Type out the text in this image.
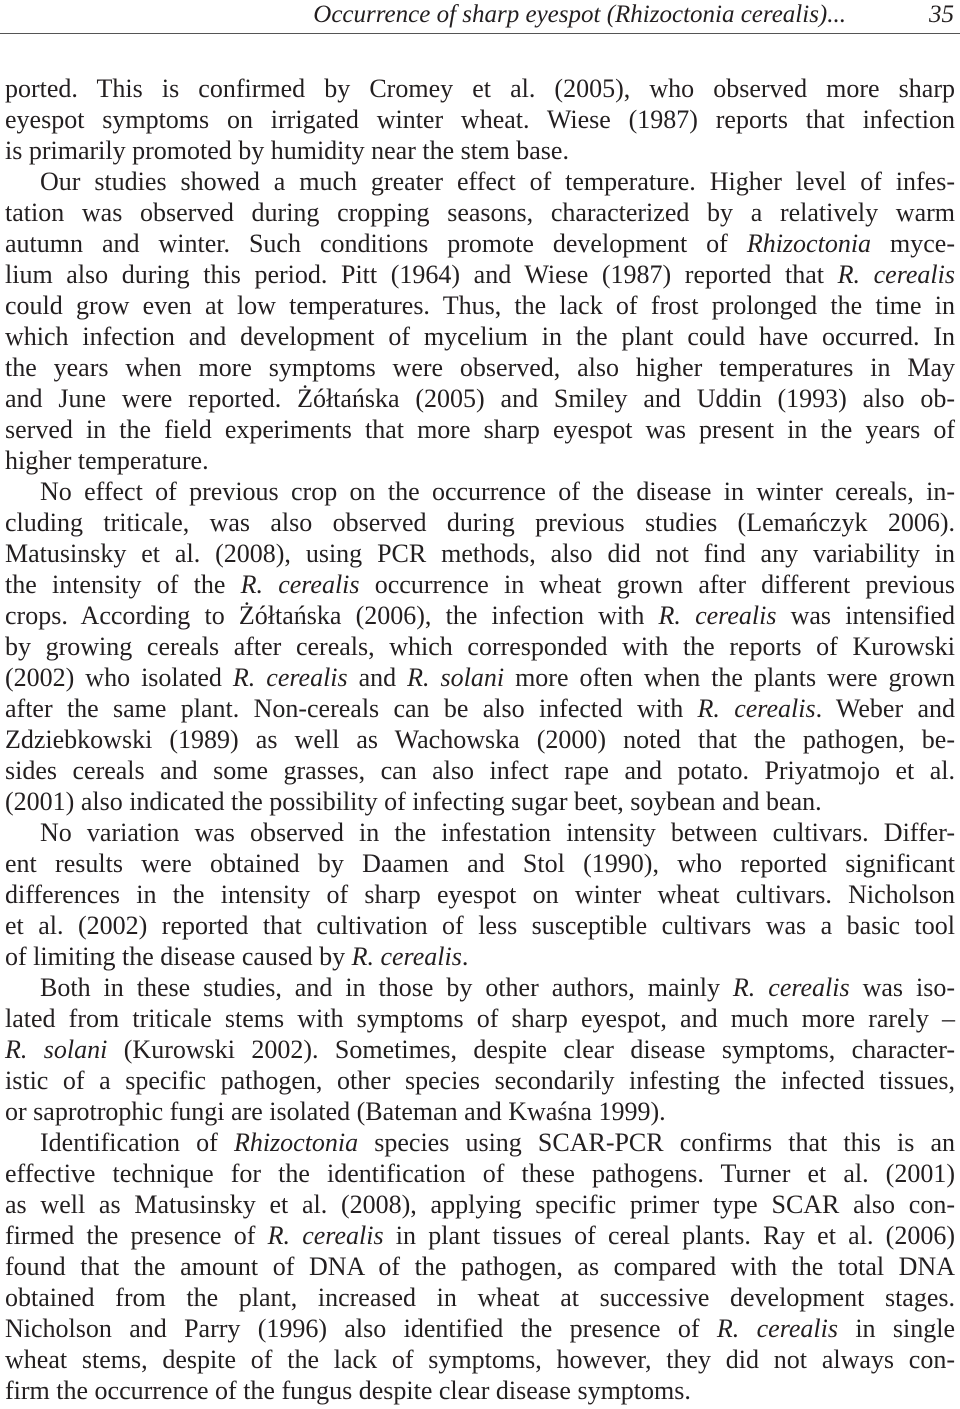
Occurrence of sharp eyespot (Rhizoctonia cerealis)...	35
ported. This is confirmed by Cromey et al. (2005), who observed more sharp
eyespot symptoms on irrigated winter wheat. Wiese (1987) reports that infection
is primarily promoted by humidity near the stem base.
Our studies showed a much greater effect of temperature. Higher level of infes-
tation was observed during cropping seasons, characterized by a relatively warm
autumn and winter. Such conditions promote development of Rhizoctonia myce-
lium also during this period. Pitt (1964) and Wiese (1987) reported that R. cerealis
could grow even at low temperatures. Thus, the lack of frost prolonged the time in
which infection and development of mycelium in the plant could have occurred. In
the years when more symptoms were observed, also higher temperatures in May
and June were reported. Żółtańska (2005) and Smiley and Uddin (1993) also ob-
served in the field experiments that more sharp eyespot was present in the years of
higher temperature.
No effect of previous crop on the occurrence of the disease in winter cereals, in-
cluding triticale, was also observed during previous studies (Lemańczyk 2006).
Matusinsky et al. (2008), using PCR methods, also did not find any variability in
the intensity of the R. cerealis occurrence in wheat grown after different previous
crops. According to Żółtańska (2006), the infection with R. cerealis was intensified
by growing cereals after cereals, which corresponded with the reports of Kurowski
(2002) who isolated R. cerealis and R. solani more often when the plants were grown
after the same plant. Non-cereals can be also infected with R. cerealis. Weber and
Zdziebkowski (1989) as well as Wachowska (2000) noted that the pathogen, be-
sides cereals and some grasses, can also infect rape and potato. Priyatmojo et al.
(2001) also indicated the possibility of infecting sugar beet, soybean and bean.
No variation was observed in the infestation intensity between cultivars. Differ-
ent results were obtained by Daamen and Stol (1990), who reported significant
differences in the intensity of sharp eyespot on winter wheat cultivars. Nicholson
et al. (2002) reported that cultivation of less susceptible cultivars was a basic tool
of limiting the disease caused by R. cerealis.
Both in these studies, and in those by other authors, mainly R. cerealis was iso-
lated from triticale stems with symptoms of sharp eyespot, and much more rarely –
R. solani (Kurowski 2002). Sometimes, despite clear disease symptoms, character-
istic of a specific pathogen, other species secondarily infesting the infected tissues,
or saprotrophic fungi are isolated (Bateman and Kwaśna 1999).
Identification of Rhizoctonia species using SCAR-PCR confirms that this is an
effective technique for the identification of these pathogens. Turner et al. (2001)
as well as Matusinsky et al. (2008), applying specific primer type SCAR also con-
firmed the presence of R. cerealis in plant tissues of cereal plants. Ray et al. (2006)
found that the amount of DNA of the pathogen, as compared with the total DNA
obtained from the plant, increased in wheat at successive development stages.
Nicholson and Parry (1996) also identified the presence of R. cerealis in single
wheat stems, despite of the lack of symptoms, however, they did not always con-
firm the occurrence of the fungus despite clear disease symptoms.
